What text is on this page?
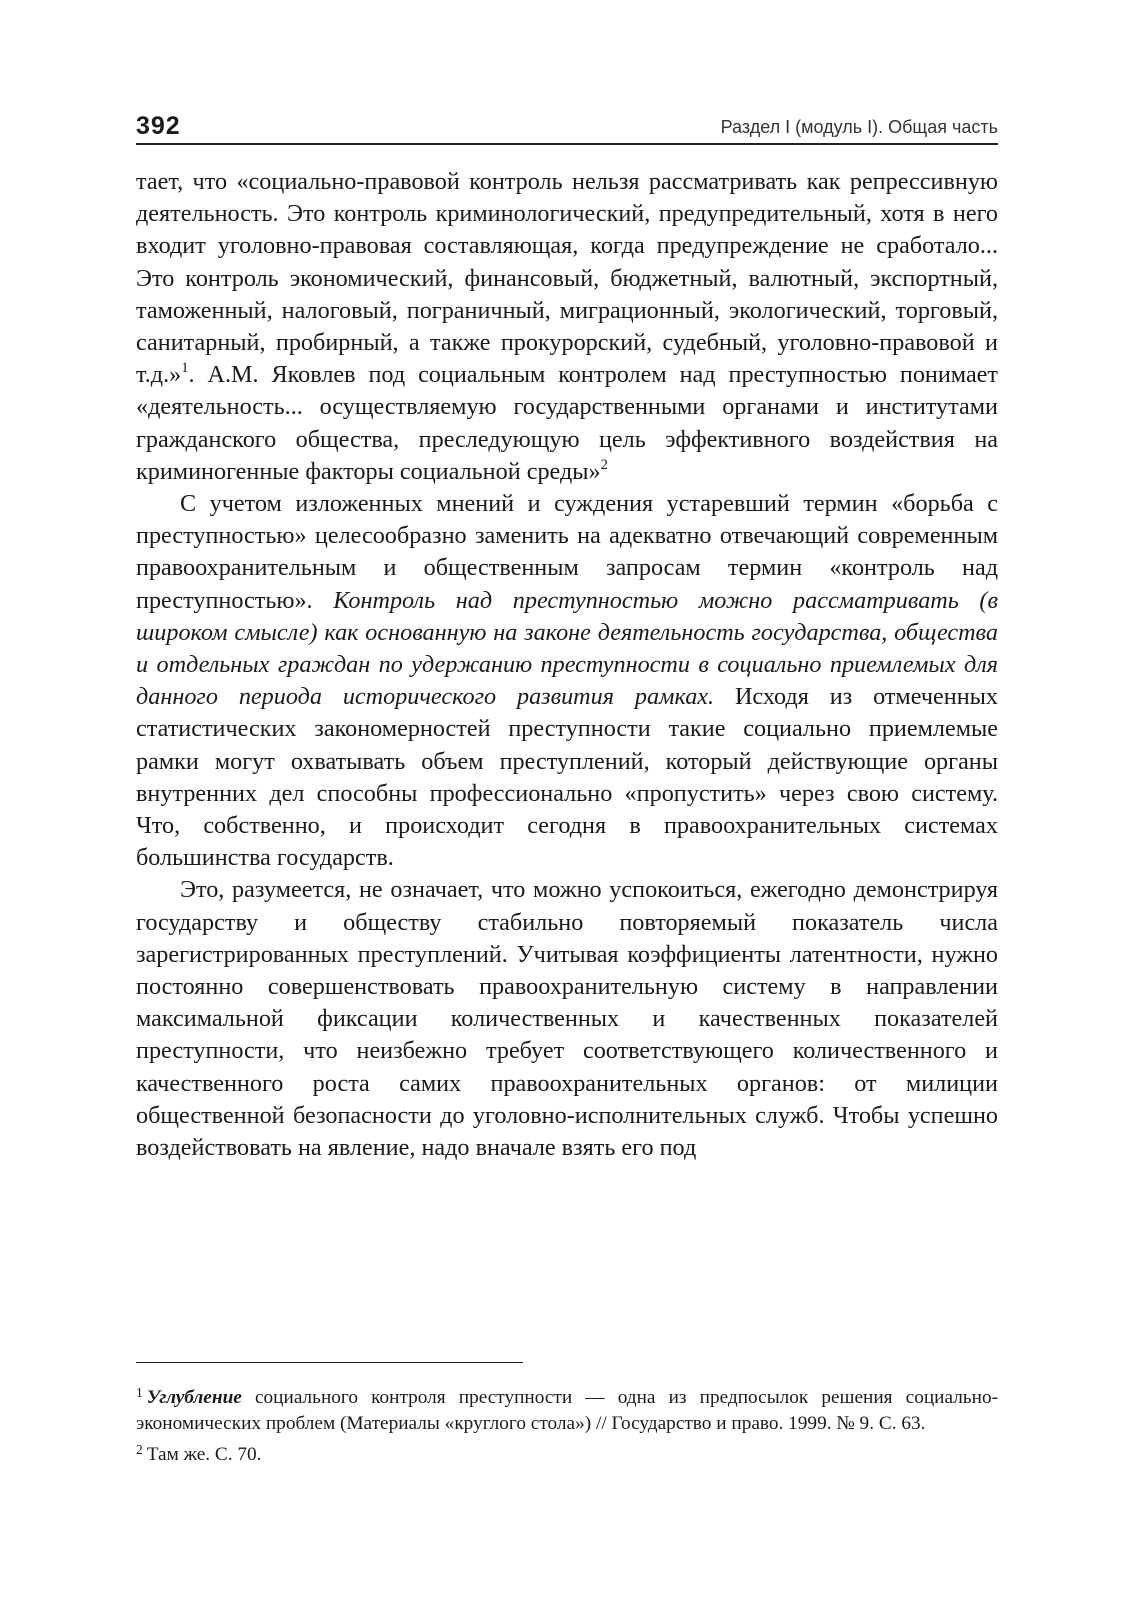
392	Раздел I (модуль I). Общая часть

тает, что «социально-правовой контроль нельзя рассматривать как репрессивную деятельность. Это контроль криминологический, предупредительный, хотя в него входит уголовно-правовая составляющая, когда предупреждение не сработало... Это контроль экономический, финансовый, бюджетный, валютный, экспортный, таможенный, налоговый, пограничный, миграционный, экологический, торговый, санитарный, пробирный, а также прокурорский, судебный, уголовно-правовой и т.д.»$^1$. А.М. Яковлев под социальным контролем над преступностью понимает «деятельность... осуществляемую государственными органами и институтами гражданского общества, преследующую цель эффективного воздействия на криминогенные факторы социальной среды»$^2$

С учетом изложенных мнений и суждения устаревший термин «борьба с преступностью» целесообразно заменить на адекватно отвечающий современным правоохранительным и общественным запросам термин «контроль над преступностью». Контроль над преступностью можно рассматривать (в широком смысле) как основанную на законе деятельность государства, общества и отдельных граждан по удержанию преступности в социально приемлемых для данного периода исторического развития рамках. Исходя из отмеченных статистических закономерностей преступности такие социально приемлемые рамки могут охватывать объем преступлений, который действующие органы внутренних дел способны профессионально «пропустить» через свою систему. Что, собственно, и происходит сегодня в правоохранительных системах большинства государств.

Это, разумеется, не означает, что можно успокоиться, ежегодно демонстрируя государству и обществу стабильно повторяемый показатель числа зарегистрированных преступлений. Учитывая коэффициенты латентности, нужно постоянно совершенствовать правоохранительную систему в направлении максимальной фиксации количественных и качественных показателей преступности, что неизбежно требует соответствующего количественного и качественного роста самих правоохранительных органов: от милиции общественной безопасности до уголовно-исполнительных служб. Чтобы успешно воздействовать на явление, надо вначале взять его под

$^1$ Углубление социального контроля преступности — одна из предпосылок решения социально-экономических проблем (Материалы «круглого стола») // Государство и право. 1999. № 9. С. 63.

$^2$ Там же. С. 70.
